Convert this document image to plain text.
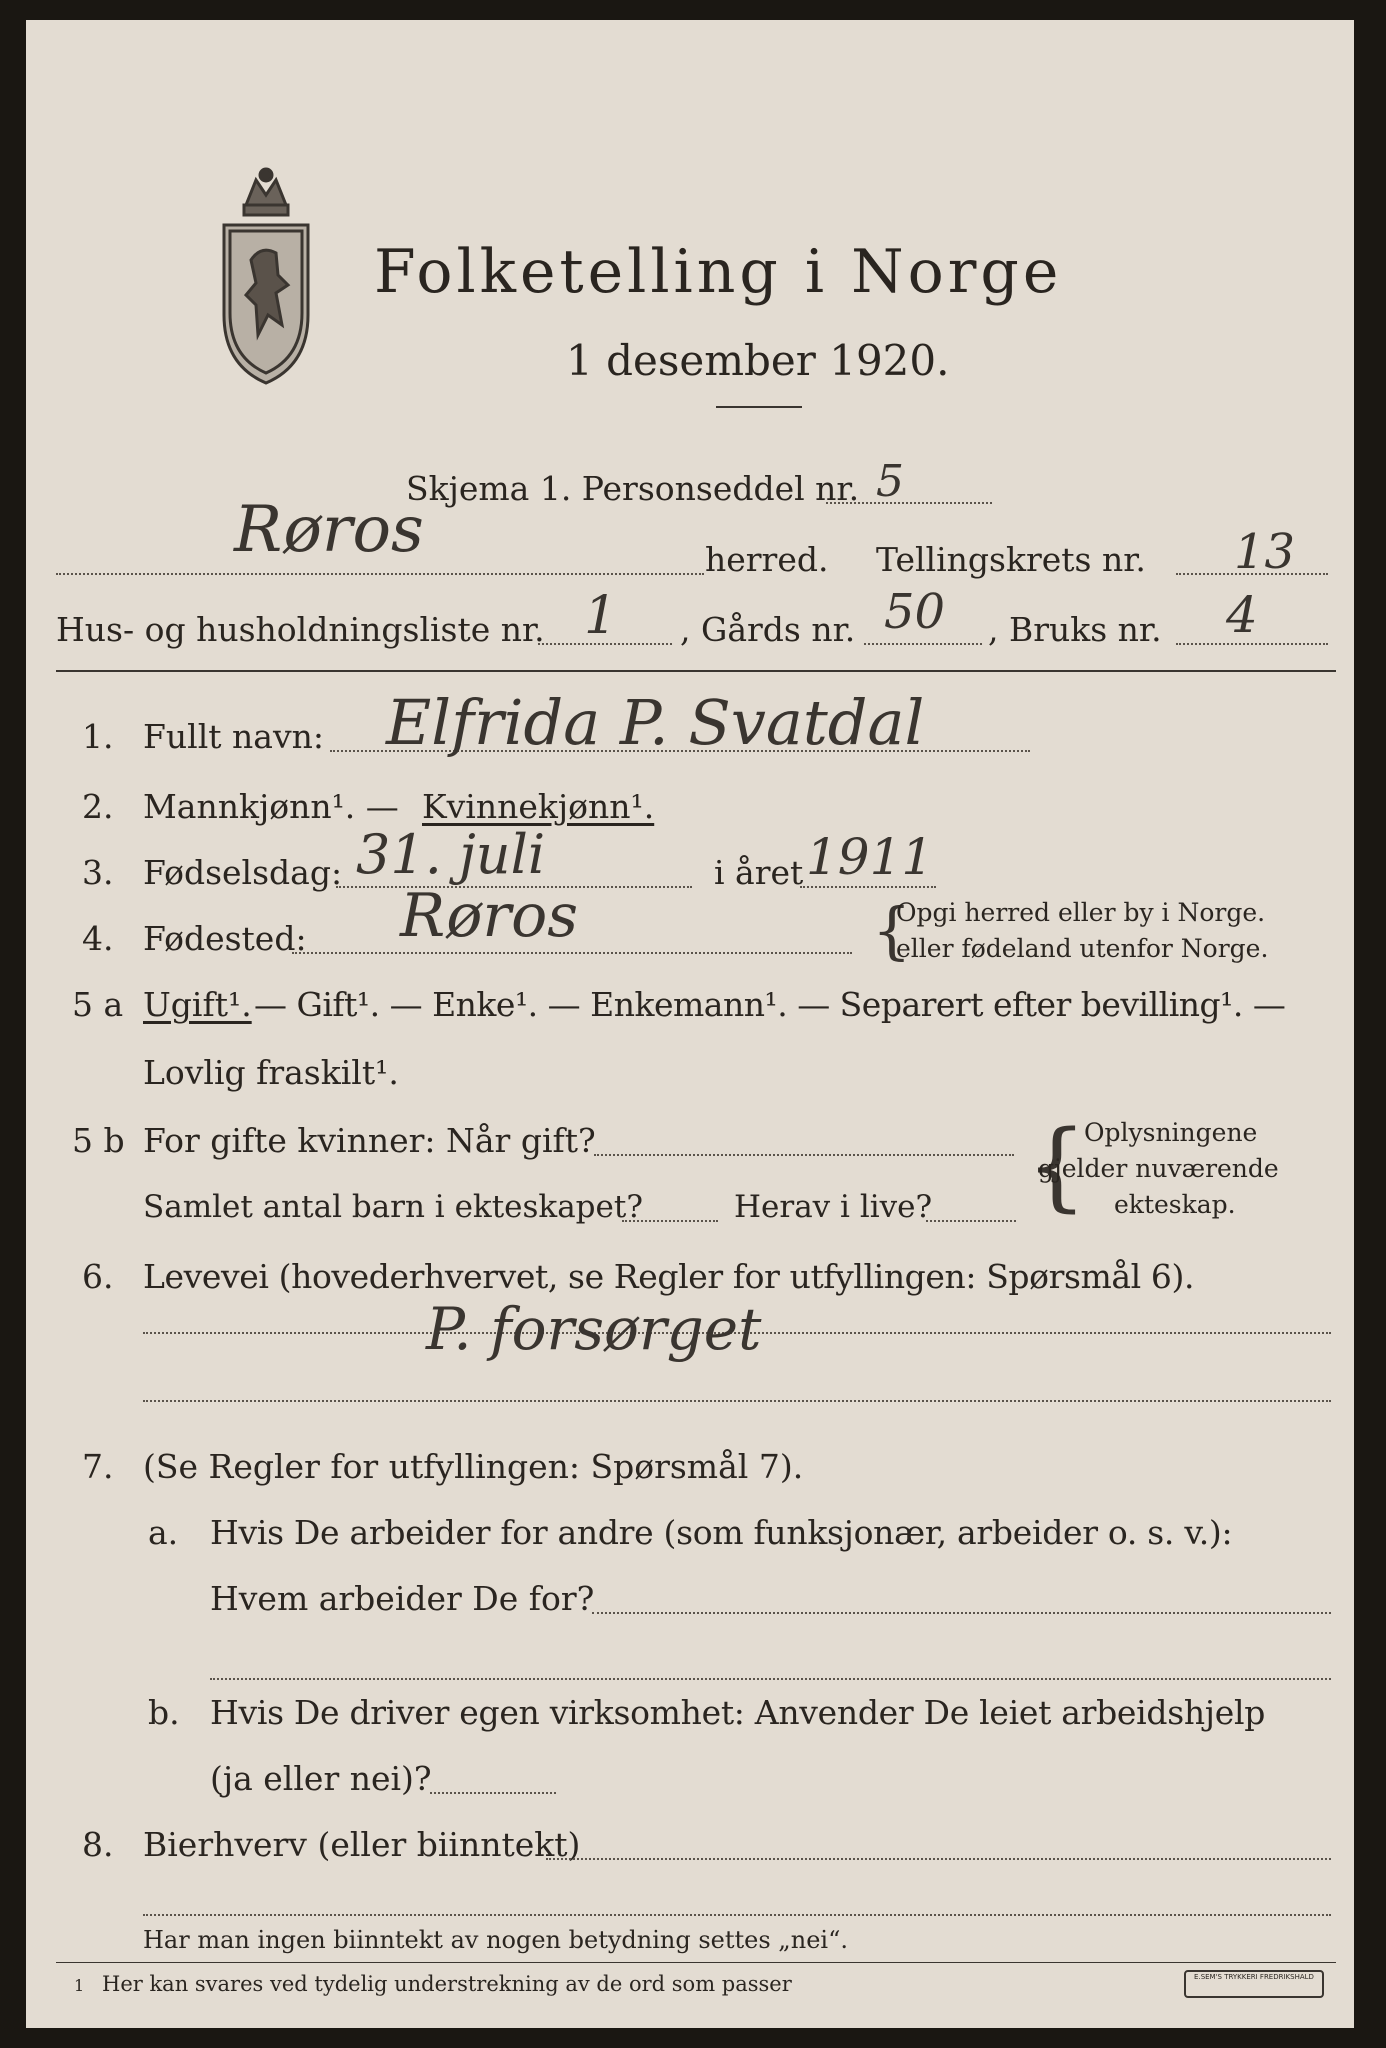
Folketelling i Norge
1 desember 1920.
Skjema 1. Personseddel nr. 5
Røros	herred. Tellingskrets nr. 13
Hus- og husholdningsliste nr. 1 , Gårds nr. 50 , Bruks nr. 4
1. Fullt navn: Elfrida P. Svatdal
2. Mannkjønn¹. — Kvinnekjønn¹.
3. Fødselsdag: 31. juli	i året 1911
4. Fødested: Røros	{
Opgi herred eller by i Norge.
eller fødeland utenfor Norge.
5 a Ugift¹. — Gift¹. — Enke¹. — Enkemann¹. — Separert efter bevilling¹. —
Lovlig fraskilt¹.
5 b For gifte kvinner: Når gift?
Samlet antal barn i ekteskapet?	Herav i live? {
Oplysningene
gjelder nuværende
ekteskap.
6. Levevei (hovederhvervet, se Regler for utfyllingen: Spørsmål 6).
P. forsørget
7. (Se Regler for utfyllingen: Spørsmål 7).
a. Hvis De arbeider for andre (som funksjonær, arbeider o. s. v.):
Hvem arbeider De for?
b. Hvis De driver egen virksomhet: Anvender De leiet arbeidshjelp
(ja eller nei)?
8. Bierhverv (eller biinntekt)
Har man ingen biinntekt av nogen betydning settes „nei“.
1 Her kan svares ved tydelig understrekning av de ord som passer	E.SEM'S TRYKKERI FREDRIKSHALD
